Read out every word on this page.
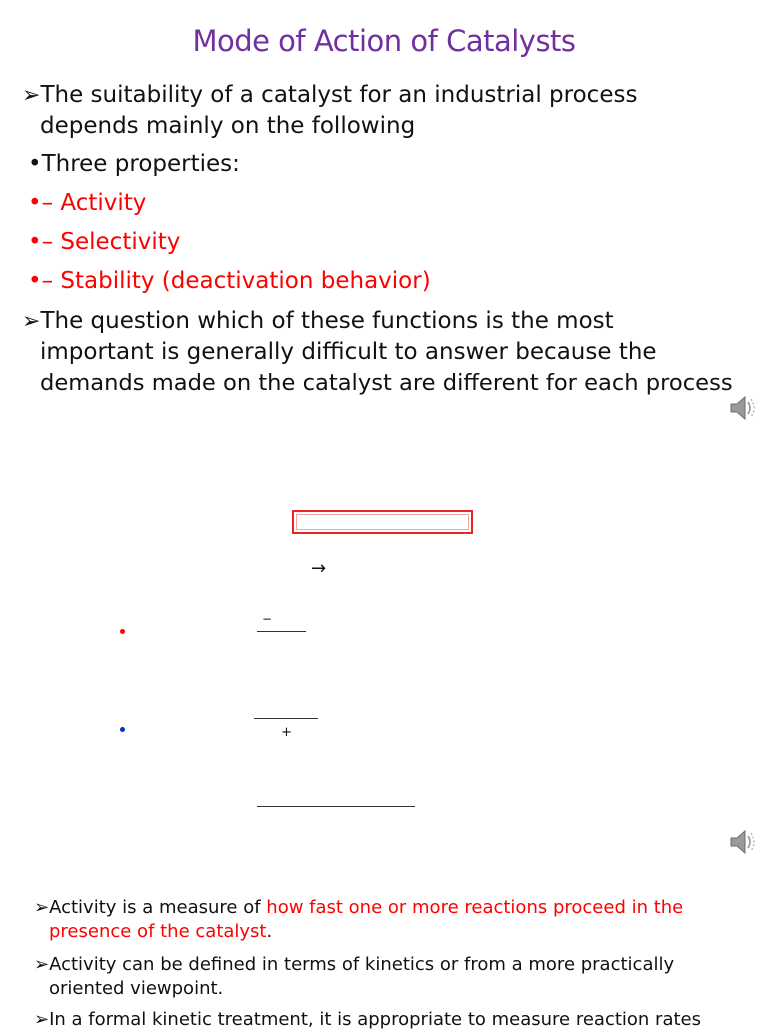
Mode of Action of Catalysts
➢The suitability of a catalyst for an industrial process
depends mainly on the following
•Three properties:
•– Activity
•– Selectivity
•– Stability (deactivation behavior)
➢The question which of these functions is the most
important is generally difficult to answer because the
demands made on the catalyst are different for each process
→
−
+
➢Activity is a measure of how fast one or more reactions proceed in the
presence of the catalyst.
➢Activity can be defined in terms of kinetics or from a more practically
oriented viewpoint.
➢In a formal kinetic treatment, it is appropriate to measure reaction rates
